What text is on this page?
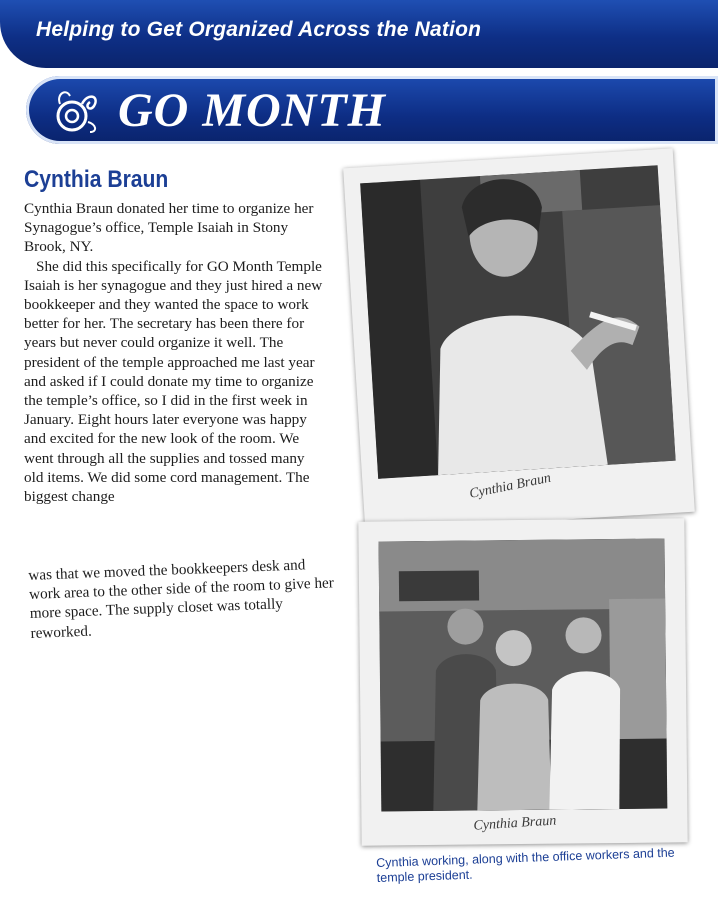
Helping to Get Organized Across the Nation
GO MONTH
Cynthia Braun

Cynthia Braun donated her time to organize her Synagogue’s office, Temple Isaiah in Stony Brook, NY.

She did this specifically for GO Month Temple Isaiah is her synagogue and they just hired a new bookkeeper and they wanted the space to work better for her. The secretary has been there for years but never could organize it well. The president of the temple approached me last year and asked if I could donate my time to organize the temple’s office, so I did in the first week in January. Eight hours later everyone was happy and excited for the new look of the room. We went through all the supplies and tossed many old items. We did some cord management. The biggest change

was that we moved the bookkeepers desk and work area to the other side of the room to give her more space. The supply closet was totally reworked.

Cynthia Braun
Cynthia Braun
Cynthia working, along with the office workers and the temple president.
